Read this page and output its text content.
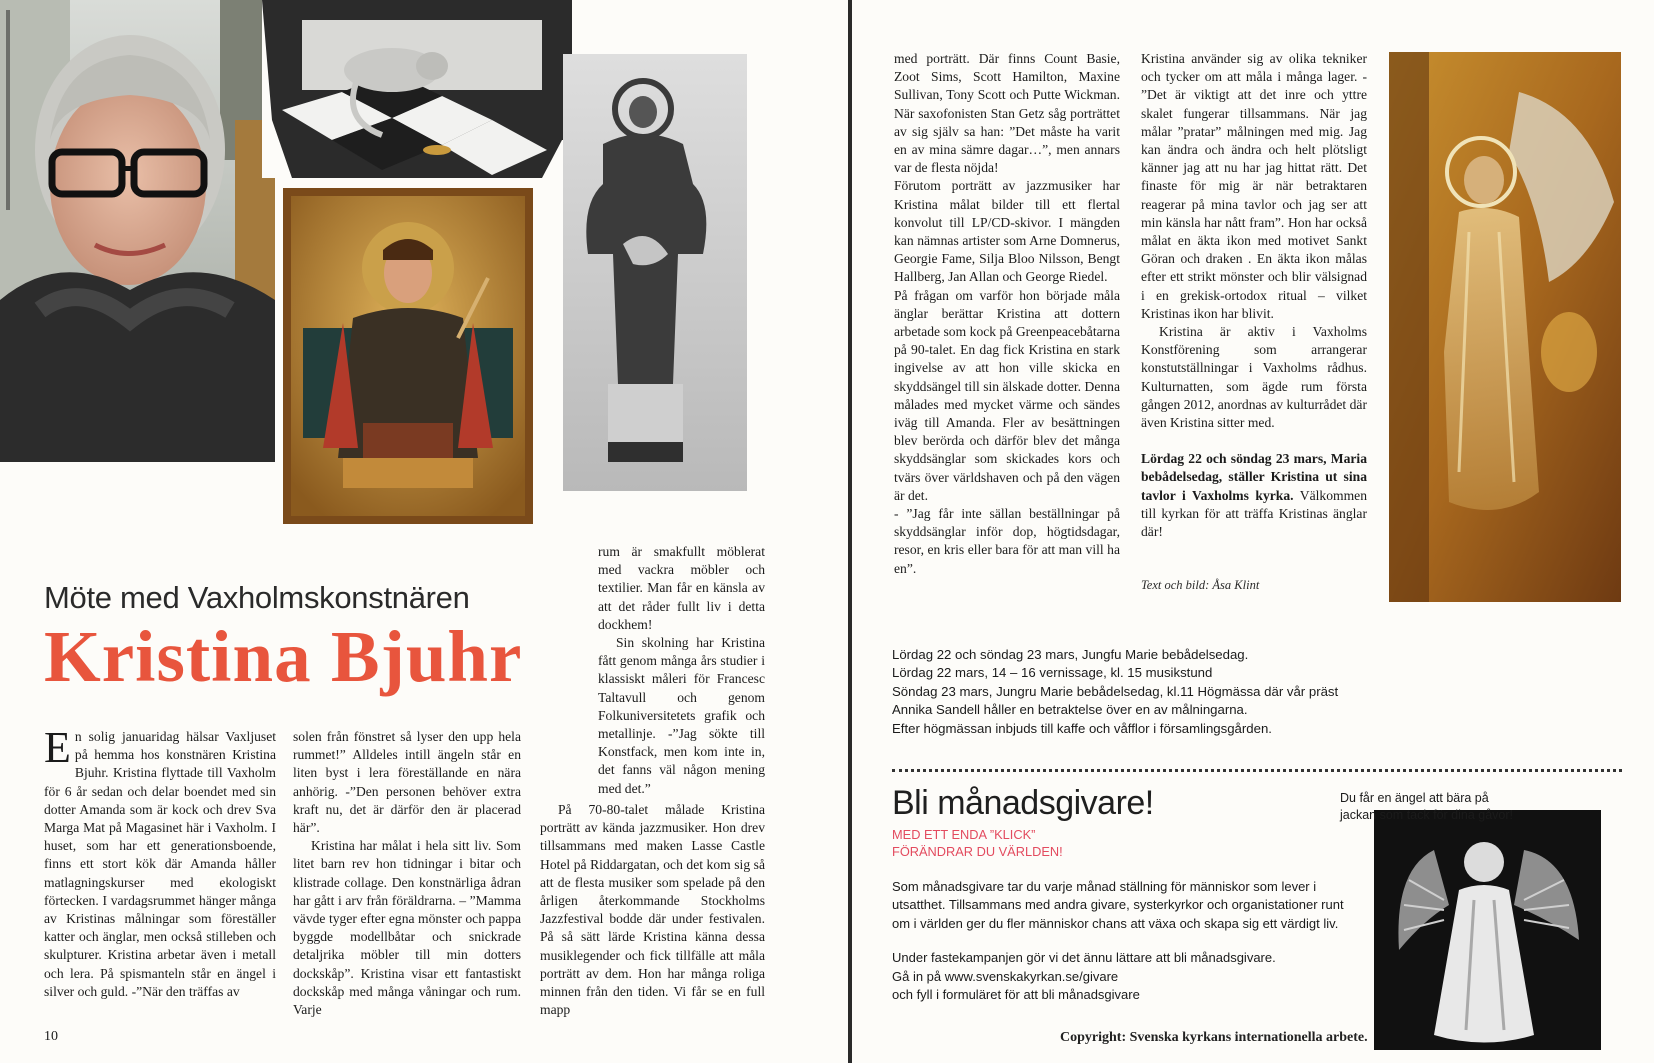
rum är smakfullt möblerat med vackra möbler och textilier. Man får en känsla av att det råder fullt liv i detta dockhem!

Sin skolning har Kristina fått genom många års studier i klassiskt måleri för Francesc Taltavull och genom Folkuniversitetets grafik och metallinje. -”Jag sökte till Konstfack, men kom inte in, det fanns väl någon mening med det.”

Möte med Vaxholmskonstnären
Kristina Bjuhr

En solig januaridag hälsar Vaxljuset på hemma hos konstnären Kristina Bjuhr. Kristina flyttade till Vaxholm för 6 år sedan och delar boendet med sin dotter Amanda som är kock och drev Sva Marga Mat på Magasinet här i Vaxholm. I huset, som har ett generationsboende, finns ett stort kök där Amanda håller matlagningskurser med ekologiskt förtecken. I vardagsrummet hänger många av Kristinas målningar som föreställer katter och änglar, men också stilleben och skulpturer. Kristina arbetar även i metall och lera. På spismanteln står en ängel i silver och guld. -”När den träffas av

solen från fönstret så lyser den upp hela rummet!” Alldeles intill ängeln står en liten byst i lera föreställande en nära anhörig. -”Den personen behöver extra kraft nu, det är därför den är placerad här”.

Kristina har målat i hela sitt liv. Som litet barn rev hon tidningar i bitar och klistrade collage. Den konstnärliga ådran har gått i arv från föräldrarna. – ”Mamma vävde tyger efter egna mönster och pappa byggde modellbåtar och snickrade detaljrika möbler till min dotters dockskåp”. Kristina visar ett fantastiskt dockskåp med många våningar och rum. Varje

På 70-80-talet målade Kristina porträtt av kända jazzmusiker. Hon drev tillsammans med maken Lasse Castle Hotel på Riddargatan, och det kom sig så att de flesta musiker som spelade på den årligen återkommande Stockholms Jazzfestival bodde där under festivalen. På så sätt lärde Kristina känna dessa musiklegender och fick tillfälle att måla porträtt av dem. Hon har många roliga minnen från den tiden. Vi får se en full mapp

10

med porträtt. Där finns Count Basie, Zoot Sims, Scott Hamilton, Maxine Sullivan, Tony Scott och Putte Wickman. När saxofonisten Stan Getz såg porträttet av sig själv sa han: ”Det måste ha varit en av mina sämre dagar…”, men annars var de flesta nöjda!

Förutom porträtt av jazzmusiker har Kristina målat bilder till ett flertal konvolut till LP/CD-skivor. I mängden kan nämnas artister som Arne Domnerus, Georgie Fame, Silja Bloo Nilsson, Bengt Hallberg, Jan Allan och George Riedel.

På frågan om varför hon började måla änglar berättar Kristina att dottern arbetade som kock på Greenpeacebåtarna på 90-talet. En dag fick Kristina en stark ingivelse av att hon ville skicka en skyddsängel till sin älskade dotter. Denna målades med mycket värme och sändes iväg till Amanda. Fler av besättningen blev berörda och därför blev det många skyddsänglar som skickades kors och tvärs över världshaven och på den vägen är det.

- ”Jag får inte sällan beställningar på skyddsänglar inför dop, högtidsdagar, resor, en kris eller bara för att man vill ha en”.

Kristina använder sig av olika tekniker och tycker om att måla i många lager. - ”Det är viktigt att det inre och yttre skalet fungerar tillsammans. När jag målar ”pratar” målningen med mig. Jag kan ändra och ändra och helt plötsligt känner jag att nu har jag hittat rätt. Det finaste för mig är när betraktaren reagerar på mina tavlor och jag ser att min känsla har nått fram”. Hon har också målat en äkta ikon med motivet Sankt Göran och draken . En äkta ikon målas efter ett strikt mönster och blir välsignad i en grekisk-ortodox ritual – vilket Kristinas ikon har blivit.

Kristina är aktiv i Vaxholms Konstförening som arrangerar konstutställningar i Vaxholms rådhus. Kulturnatten, som ägde rum första gången 2012, anordnas av kulturrådet där även Kristina sitter med.

Lördag 22 och söndag 23 mars, Maria bebådelsedag, ställer Kristina ut sina tavlor i Vaxholms kyrka. Välkommen till kyrkan för att träffa Kristinas änglar där!

Text och bild: Åsa Klint
Lördag 22 och söndag 23 mars, Jungfu Marie bebådelsedag.
Lördag 22 mars, 14 – 16 vernissage, kl. 15 musikstund
Söndag 23 mars, Jungru Marie bebådelsedag, kl.11 Högmässa där vår präst
Annika Sandell håller en betraktelse över en av målningarna.
Efter högmässan inbjuds till kaffe och våfflor i församlingsgården.
Bli månadsgivare!
MED ETT ENDA ”KLICK”
FÖRÄNDRAR DU VÄRLDEN!
Som månadsgivare tar du varje månad ställning för människor som lever i
utsatthet. Tillsammans med andra givare, systerkyrkor och organistationer runt
om i världen ger du fler människor chans att växa och skapa sig ett värdigt liv.
Under fastekampanjen gör vi det ännu lättare att bli månadsgivare.
Gå in på www.svenskakyrkan.se/givare
och fyll i formuläret för att bli månadsgivare
Du får en ängel att bära på
jackan som tack för dina gåvor!
Copyright: Svenska kyrkans internationella arbete.
